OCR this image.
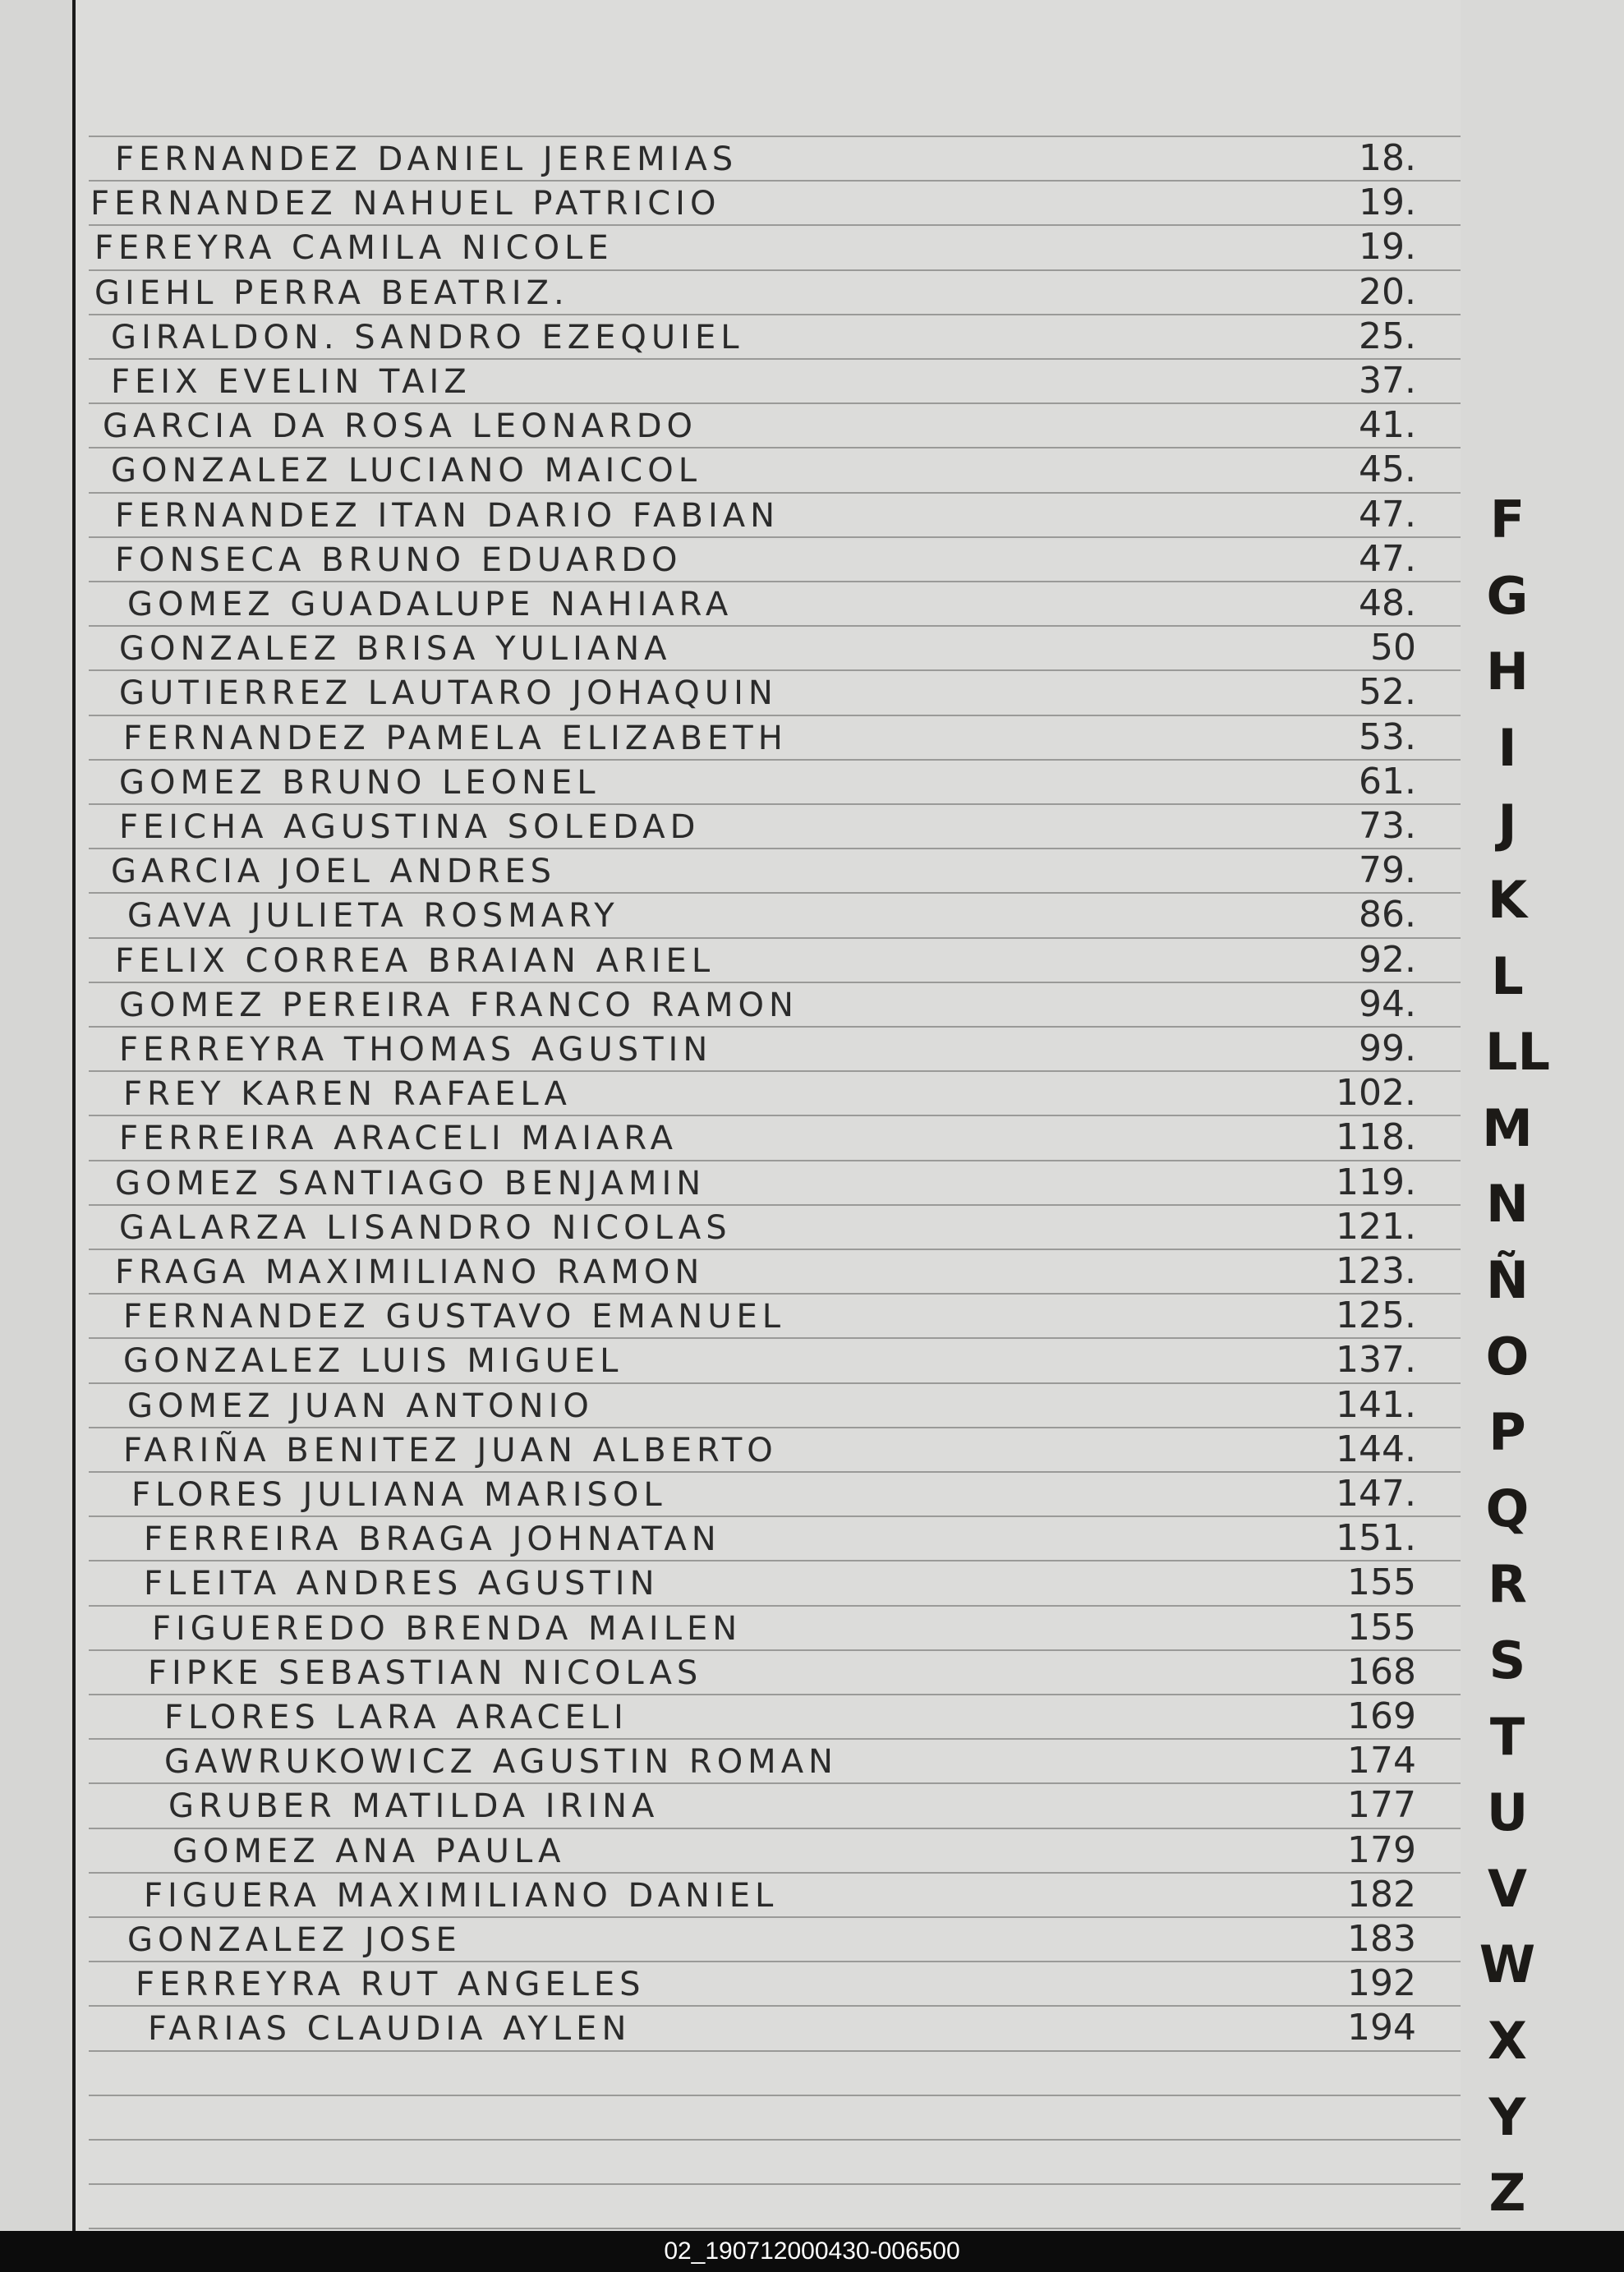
FERNANDEZ DANIEL JEREMIAS	18.
FERNANDEZ NAHUEL PATRICIO	19.
FEREYRA CAMILA NICOLE	19.
GIEHL PERRA BEATRIZ.	20.
GIRALDON. SANDRO EZEQUIEL	25.
FEIX EVELIN TAIZ	37.
GARCIA DA ROSA LEONARDO	41.
GONZALEZ LUCIANO MAICOL	45.
FERNANDEZ ITAN DARIO FABIAN	47.
FONSECA BRUNO EDUARDO	47.
GOMEZ GUADALUPE NAHIARA	48.
GONZALEZ BRISA YULIANA	50
GUTIERREZ LAUTARO JOHAQUIN	52.
FERNANDEZ PAMELA ELIZABETH	53.
GOMEZ BRUNO LEONEL	61.
FEICHA AGUSTINA SOLEDAD	73.
GARCIA JOEL ANDRES	79.
GAVA JULIETA ROSMARY	86.
FELIX CORREA BRAIAN ARIEL	92.
GOMEZ PEREIRA FRANCO RAMON	94.
FERREYRA THOMAS AGUSTIN	99.
FREY KAREN RAFAELA	102.
FERREIRA ARACELI MAIARA	118.
GOMEZ SANTIAGO BENJAMIN	119.
GALARZA LISANDRO NICOLAS	121.
FRAGA MAXIMILIANO RAMON	123.
FERNANDEZ GUSTAVO EMANUEL	125.
GONZALEZ LUIS MIGUEL	137.
GOMEZ JUAN ANTONIO	141.
FARIÑA BENITEZ JUAN ALBERTO	144.
FLORES JULIANA MARISOL	147.
FERREIRA BRAGA JOHNATAN	151.
FLEITA ANDRES AGUSTIN	155
FIGUEREDO BRENDA MAILEN	155
FIPKE SEBASTIAN NICOLAS	168
FLORES LARA ARACELI	169
GAWRUKOWICZ AGUSTIN ROMAN	174
GRUBER MATILDA IRINA	177
GOMEZ ANA PAULA	179
FIGUERA MAXIMILIANO DANIEL	182
GONZALEZ JOSE	183
FERREYRA RUT ANGELES	192
FARIAS CLAUDIA AYLEN	194
F
G
H
I
J
K
L
LL
M
N
Ñ
O
P
Q
R
S
T
U
V
W
X
Y
Z
02_190712000430-006500
